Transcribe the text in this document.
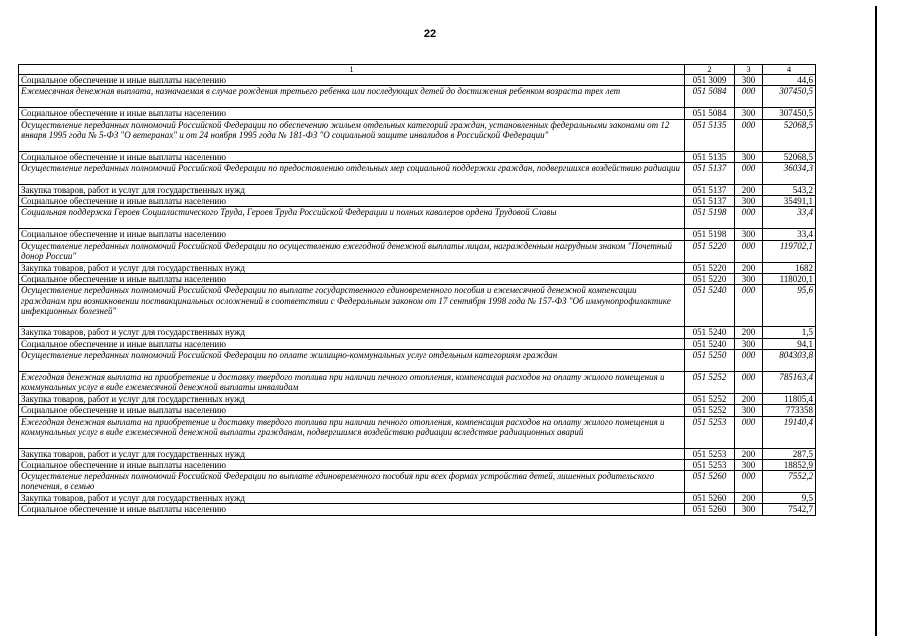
22
1	2	3	4
Социальное обеспечение и иные выплаты населению	051 3009	300	44,6
Ежемесячная денежная выплата, назначаемая в случае рождения третьего ребенка или последующих детей до достижения ребенком возраста трех лет	051 5084	000	307450,5
Социальное обеспечение и иные выплаты населению	051 5084	300	307450,5
Осуществление переданных полномочий Российской Федерации по обеспечению жильем отдельных категорий граждан, установленных федеральными законами от 12 января 1995 года № 5-ФЗ "О ветеранах" и от 24 ноября 1995 года № 181-ФЗ "О социальной защите инвалидов в Российской Федерации"	051 5135	000	52068,5
Социальное обеспечение и иные выплаты населению	051 5135	300	52068,5
Осуществление переданных полномочий Российской Федерации по предоставлению отдельных мер социальной поддержки граждан, подвергшихся воздействию радиации	051 5137	000	36034,3
Закупка товаров, работ и услуг для государственных нужд	051 5137	200	543,2
Социальное обеспечение и иные выплаты населению	051 5137	300	35491,1
Социальная поддержка Героев Социалистического Труда, Героев Труда Российской Федерации и полных кавалеров ордена Трудовой Славы	051 5198	000	33,4
Социальное обеспечение и иные выплаты населению	051 5198	300	33,4
Осуществление переданных полномочий Российской Федерации по осуществлению ежегодной денежной выплаты лицам, награжденным нагрудным знаком "Почетный донор России"	051 5220	000	119702,1
Закупка товаров, работ и услуг для государственных нужд	051 5220	200	1682
Социальное обеспечение и иные выплаты населению	051 5220	300	118020,1
Осуществление переданных полномочий Российской Федерации по выплате государственного единовременного пособия и ежемесячной денежной компенсации гражданам при возникновении поствакцинальных осложнений в соответствии с Федеральным законом от 17 сентября 1998 года № 157-ФЗ "Об иммунопрофилактике инфекционных болезней"	051 5240	000	95,6
Закупка товаров, работ и услуг для государственных нужд	051 5240	200	1,5
Социальное обеспечение и иные выплаты населению	051 5240	300	94,1
Осуществление переданных полномочий Российской Федерации по оплате жилищно-коммунальных услуг отдельным категориям граждан	051 5250	000	804303,8
Ежегодная денежная выплата на приобретение и доставку твердого топлива при наличии печного отопления, компенсация расходов на оплату жилого помещения и коммунальных услуг в виде ежемесячной денежной выплаты инвалидам	051 5252	000	785163,4
Закупка товаров, работ и услуг для государственных нужд	051 5252	200	11805,4
Социальное обеспечение и иные выплаты населению	051 5252	300	773358
Ежегодная денежная выплата на приобретение и доставку твердого топлива при наличии печного отопления, компенсация расходов на оплату жилого помещения и коммунальных услуг в виде ежемесячной денежной выплаты гражданам, подвергшимся воздействию радиации вследствие радиационных аварий	051 5253	000	19140,4
Закупка товаров, работ и услуг для государственных нужд	051 5253	200	287,5
Социальное обеспечение и иные выплаты населению	051 5253	300	18852,9
Осуществление переданных полномочий Российской Федерации по выплате единовременного пособия при всех формах устройства детей, лишенных родительского попечения, в семью	051 5260	000	7552,2
Закупка товаров, работ и услуг для государственных нужд	051 5260	200	9,5
Социальное обеспечение и иные выплаты населению	051 5260	300	7542,7
